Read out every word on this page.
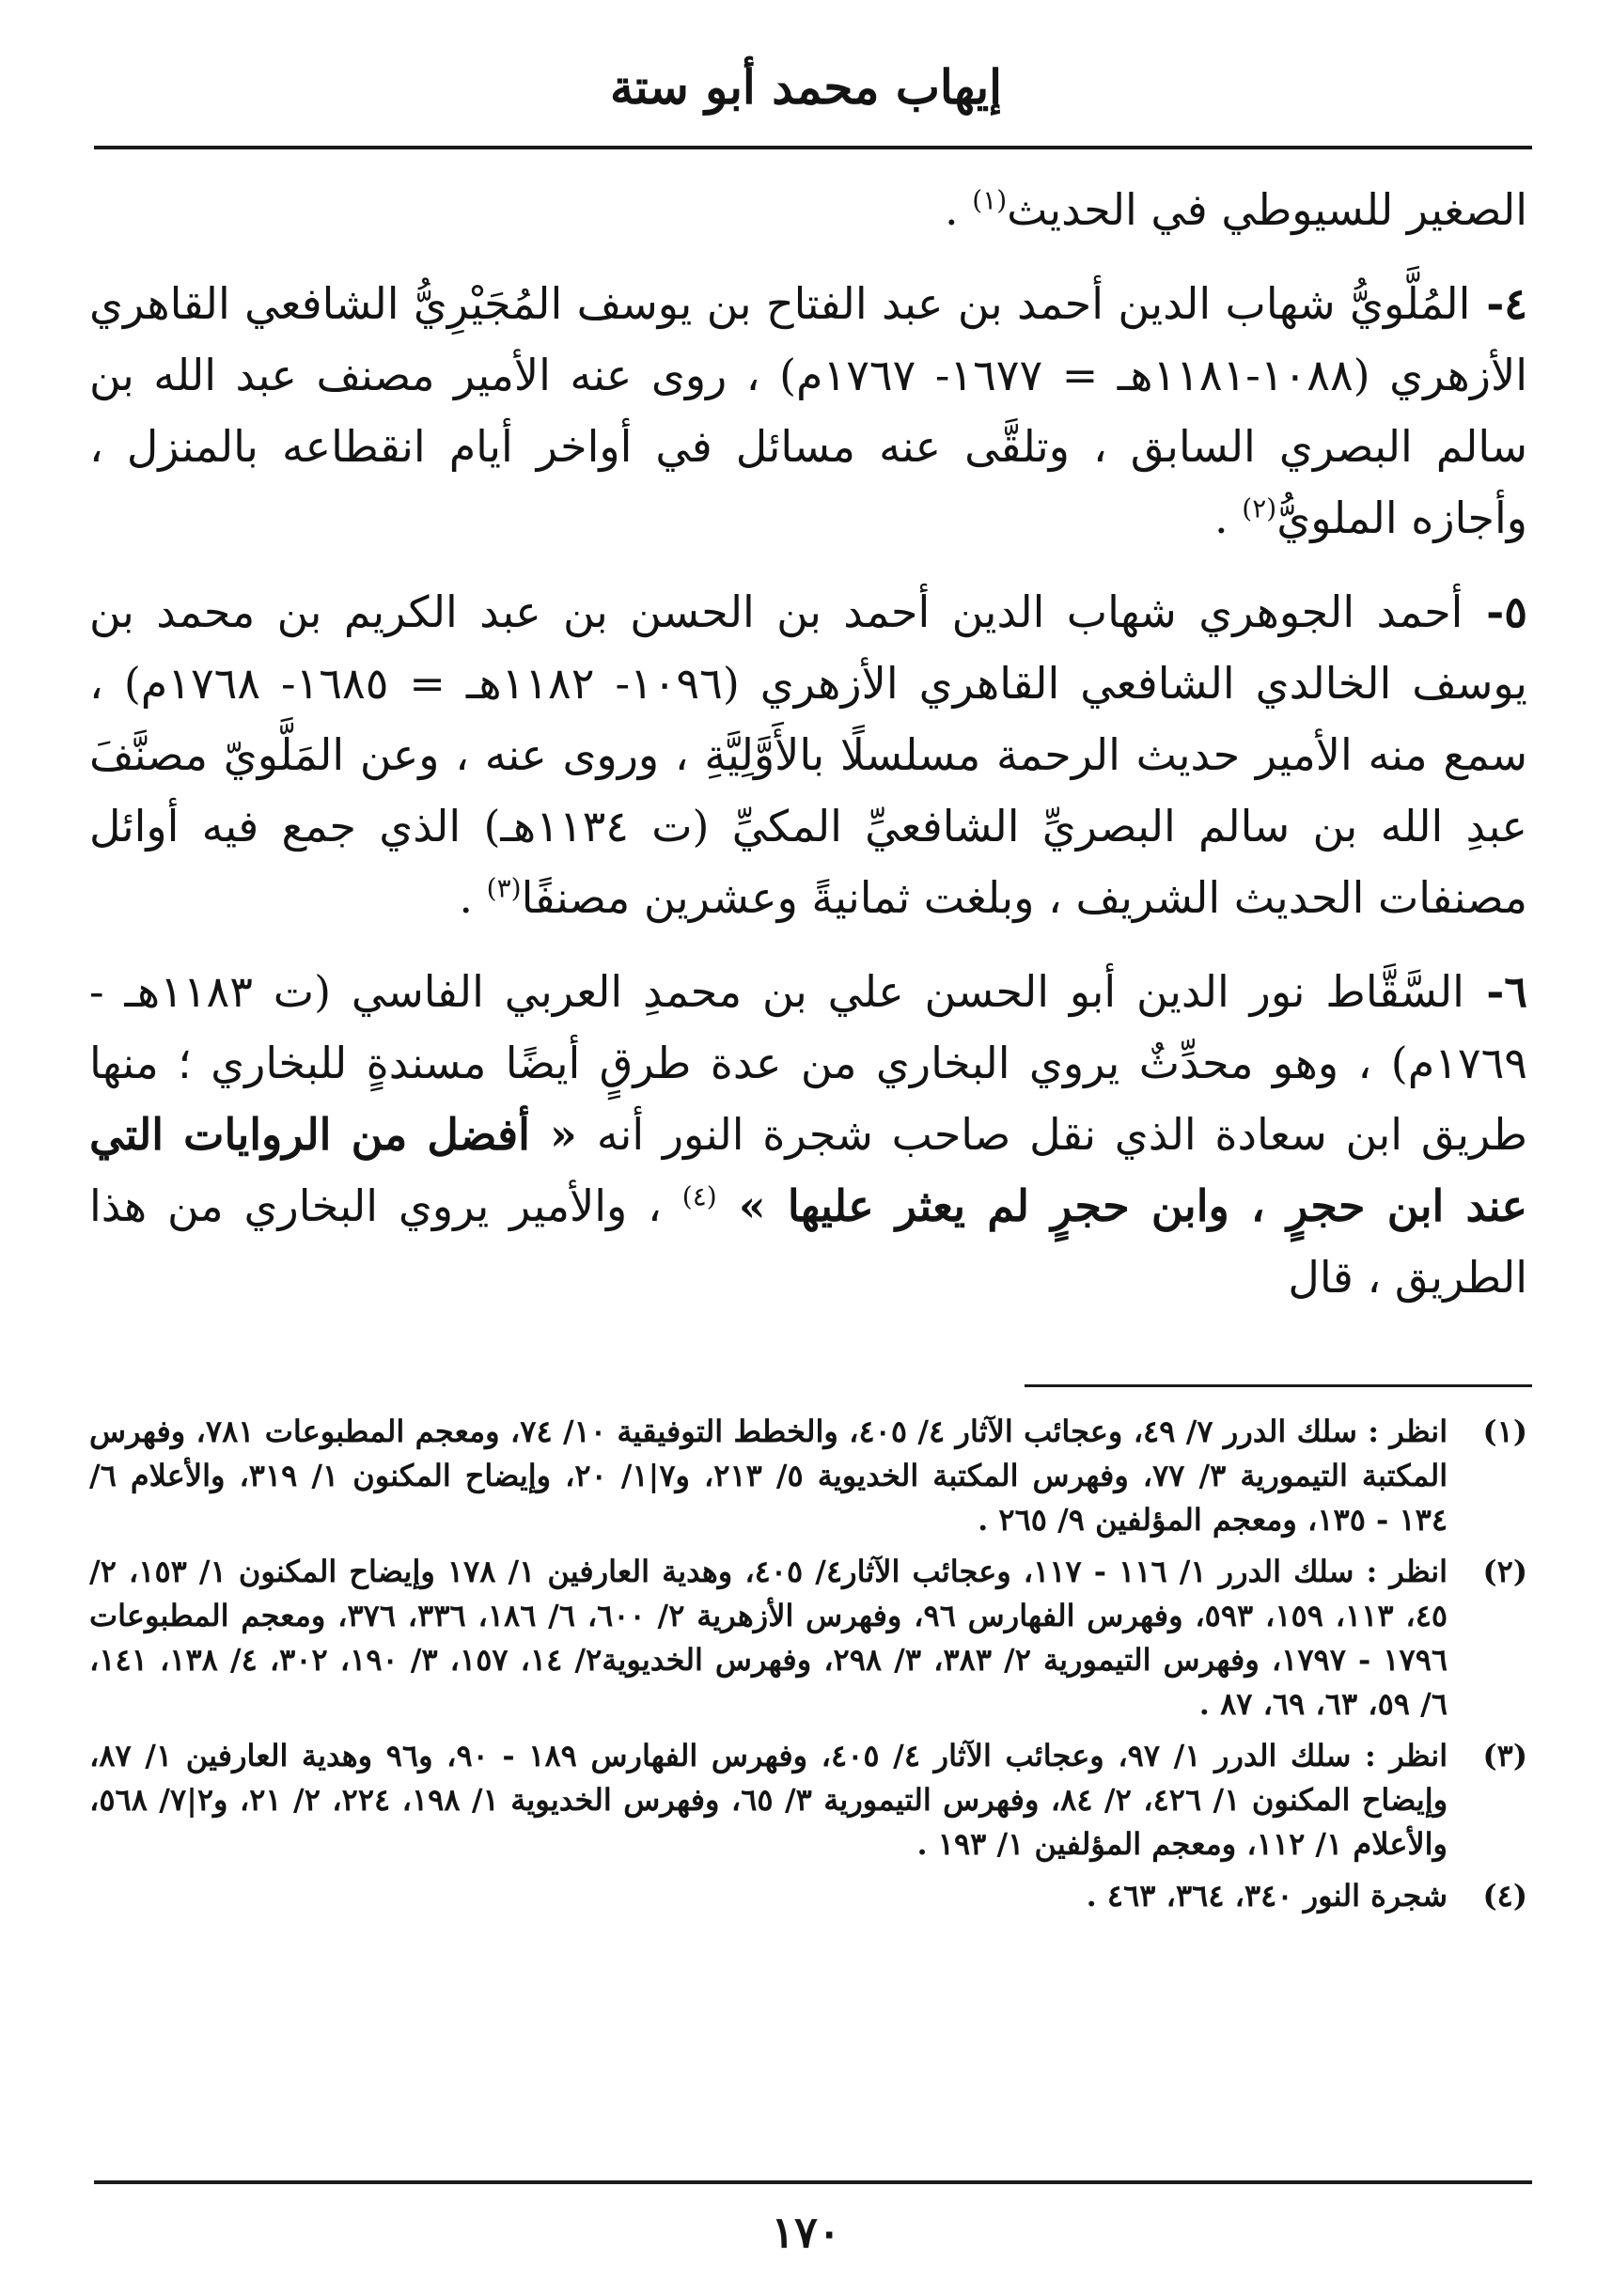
إيهاب محمد أبو ستة

الصغير للسيوطي في الحديث$^{(١)}$ .

٤- المُلَّويُّ شهاب الدين أحمد بن عبد الفتاح بن يوسف المُجَيْرِيُّ الشافعي القاهري الأزهري (١٠٨٨-١١٨١هـ = ١٦٧٧- ١٧٦٧م) ، روى عنه الأمير مصنف عبد الله بن سالم البصري السابق ، وتلقَّى عنه مسائل في أواخر أيام انقطاعه بالمنزل ، وأجازه الملويُّ$^{(٢)}$ .

٥- أحمد الجوهري شهاب الدين أحمد بن الحسن بن عبد الكريم بن محمد بن يوسف الخالدي الشافعي القاهري الأزهري (١٠٩٦- ١١٨٢هـ = ١٦٨٥- ١٧٦٨م) ، سمع منه الأمير حديث الرحمة مسلسلًا بالأَوَّلِيَّةِ ، وروى عنه ، وعن المَلَّويّ مصنَّفَ عبدِ الله بن سالم البصريِّ الشافعيِّ المكيِّ (ت ١١٣٤هـ) الذي جمع فيه أوائل مصنفات الحديث الشريف ، وبلغت ثمانيةً وعشرين مصنفًا$^{(٣)}$ .

٦- السَّقَّاط نور الدين أبو الحسن علي بن محمدِ العربي الفاسي (ت ١١٨٣هـ - ١٧٦٩م) ، وهو محدِّثٌ يروي البخاري من عدة طرقٍ أيضًا مسندةٍ للبخاري ؛ منها طريق ابن سعادة الذي نقل صاحب شجرة النور أنه « أفضل من الروايات التي عند ابن حجرٍ ، وابن حجرٍ لم يعثر عليها » $^{(٤)}$ ، والأمير يروي البخاري من هذا الطريق ، قال

(١)
انظر : سلك الدرر ٧/ ٤٩، وعجائب الآثار ٤/ ٤٠٥، والخطط التوفيقية ١٠/ ٧٤، ومعجم المطبوعات ٧٨١، وفهرس المكتبة التيمورية ٣/ ٧٧، وفهرس المكتبة الخديوية ٥/ ٢١٣، و٧|١/ ٢٠، وإيضاح المكنون ١/ ٣١٩، والأعلام ٦/ ١٣٤ - ١٣٥، ومعجم المؤلفين ٩/ ٢٦٥ .
(٢)
انظر : سلك الدرر ١/ ١١٦ - ١١٧، وعجائب الآثار٤/ ٤٠٥، وهدية العارفين ١/ ١٧٨ وإيضاح المكنون ١/ ١٥٣، ٢/ ٤٥، ١١٣، ١٥٩، ٥٩٣، وفهرس الفهارس ٩٦، وفهرس الأزهرية ٢/ ٦٠٠، ٦/ ١٨٦، ٣٣٦، ٣٧٦، ومعجم المطبوعات ١٧٩٦ - ١٧٩٧، وفهرس التيمورية ٢/ ٣٨٣، ٣/ ٢٩٨، وفهرس الخديوية٢/ ١٤، ١٥٧، ٣/ ١٩٠، ٣٠٢، ٤/ ١٣٨، ١٤١، ٦/ ٥٩، ٦٣، ٦٩، ٨٧ .
(٣)
انظر : سلك الدرر ١/ ٩٧، وعجائب الآثار ٤/ ٤٠٥، وفهرس الفهارس ١٨٩ - ٩٠، و٩٦ وهدية العارفين ١/ ٨٧، وإيضاح المكنون ١/ ٤٢٦، ٢/ ٨٤، وفهرس التيمورية ٣/ ٦٥، وفهرس الخديوية ١/ ١٩٨، ٢٢٤، ٢/ ٢١، و٢|٧/ ٥٦٨، والأعلام ١/ ١١٢، ومعجم المؤلفين ١/ ١٩٣ .
(٤)
شجرة النور ٣٤٠، ٣٦٤، ٤٦٣ .
١٧٠
